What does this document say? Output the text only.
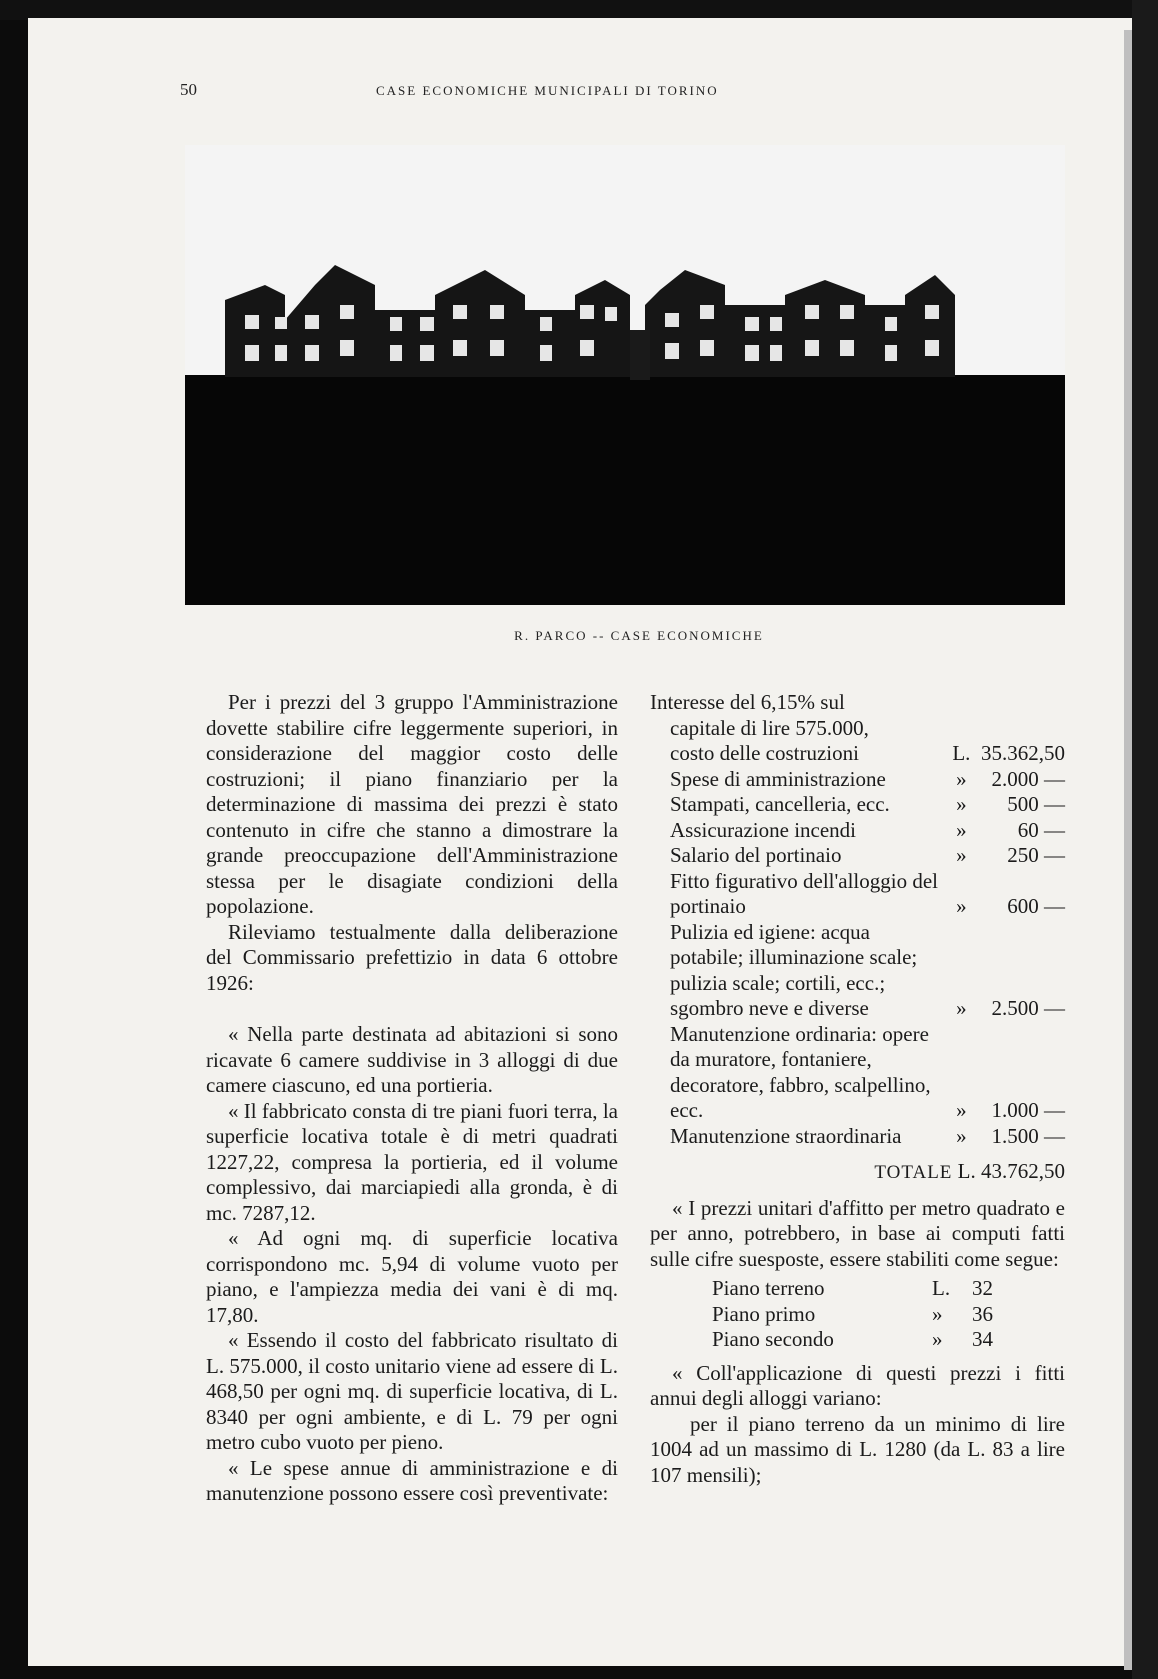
50	CASE ECONOMICHE MUNICIPALI DI TORINO
R. PARCO -- CASE ECONOMICHE

Per i prezzi del 3 gruppo l'Amministrazione dovette stabilire cifre leggermente superiori, in considerazione del maggior costo delle costruzioni; il piano finanziario per la determinazione di massima dei prezzi è stato contenuto in cifre che stanno a dimostrare la grande preoccupazione dell'Amministrazione stessa per le disagiate condizioni della popolazione.

Rileviamo testualmente dalla deliberazione del Commissario prefettizio in data 6 ottobre 1926:

« Nella parte destinata ad abitazioni si sono ricavate 6 camere suddivise in 3 alloggi di due camere ciascuno, ed una portieria.

« Il fabbricato consta di tre piani fuori terra, la superficie locativa totale è di metri quadrati 1227,22, compresa la portieria, ed il volume complessivo, dai marciapiedi alla gronda, è di mc. 7287,12.

« Ad ogni mq. di superficie locativa corrispondono mc. 5,94 di volume vuoto per piano, e l'ampiezza media dei vani è di mq. 17,80.

« Essendo il costo del fabbricato risultato di L. 575.000, il costo unitario viene ad essere di L. 468,50 per ogni mq. di superficie locativa, di L. 8340 per ogni ambiente, e di L. 79 per ogni metro cubo vuoto per pieno.

« Le spese annue di amministrazione e di manutenzione possono essere così preventivate:

Interesse del 6,15% sul		
capitale di lire 575.000,		
costo delle costruzioni	L.	35.362,50
Spese di amministrazione	»	2.000 —
Stampati, cancelleria, ecc.	»	500 —
Assicurazione incendi	»	60 —
Salario del portinaio	»	250 —
Fitto figurativo dell'alloggio del portinaio	»	600 —
Pulizia ed igiene: acqua potabile; illuminazione scale; pulizia scale; cortili, ecc.; sgombro neve e diverse	»	2.500 —
Manutenzione ordinaria: opere da muratore, fontaniere, decoratore, fabbro, scalpellino, ecc.	»	1.000 —
Manutenzione straordinaria	»	1.500 —
TOTALE L. 43.762,50

« I prezzi unitari d'affitto per metro quadrato e per anno, potrebbero, in base ai computi fatti sulle cifre suesposte, essere stabiliti come segue:

Piano terreno	L.	32
Piano primo	»	36
Piano secondo	»	34

« Coll'applicazione di questi prezzi i fitti annui degli alloggi variano:

per il piano terreno da un minimo di lire 1004 ad un massimo di L. 1280 (da L. 83 a lire 107 mensili);
